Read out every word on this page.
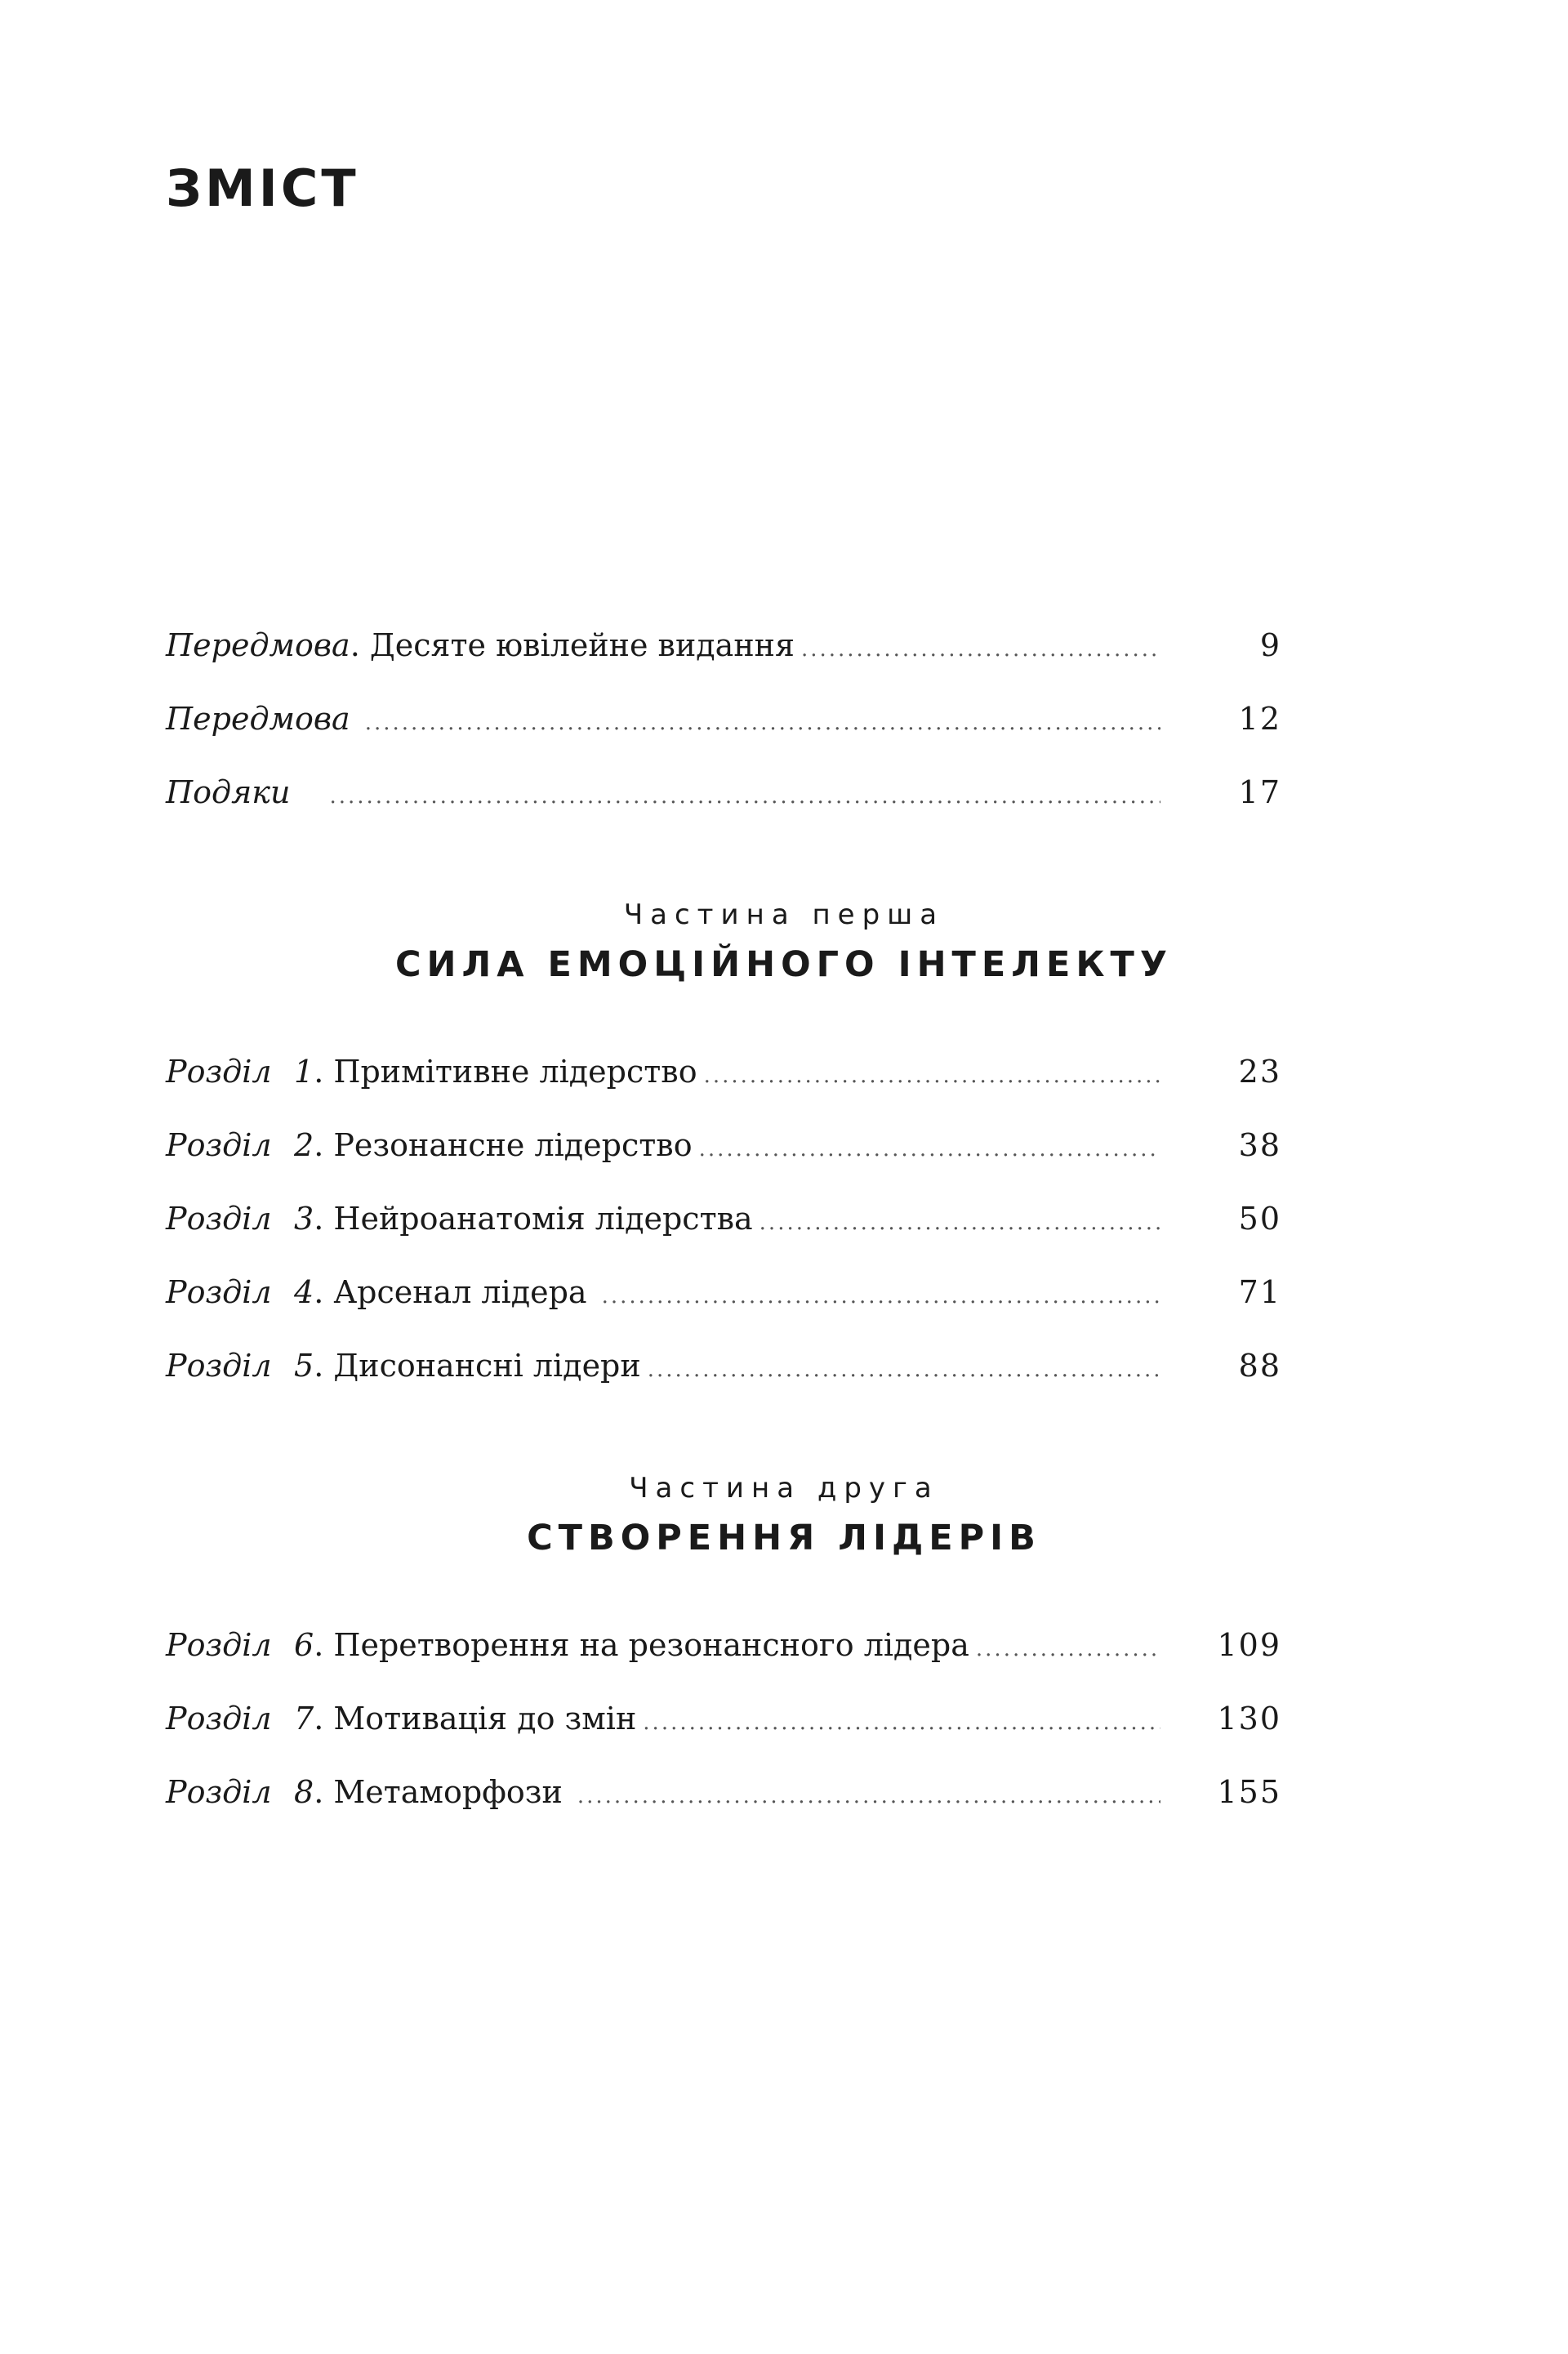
ЗМІСТ
Передмова . Десяте ювілейне видання .....	9
Передмова .....	12
Подяки .....	17
Частина перша
СИЛА ЕМОЦІЙНОГО ІНТЕЛЕКТУ
Розділ 1 . Примітивне лідерство .....	23
Розділ 2 . Резонансне лідерство .....	38
Розділ 3 . Нейроанатомія лідерства .....	50
Розділ 4 . Арсенал лідера .....	71
Розділ 5 . Дисонансні лідери .....	88
Частина друга
СТВОРЕННЯ ЛІДЕРІВ
Розділ 6 . Перетворення на резонансного лідера .....	109
Розділ 7 . Мотивація до змін .....	130
Розділ 8 . Метаморфози .....	155
